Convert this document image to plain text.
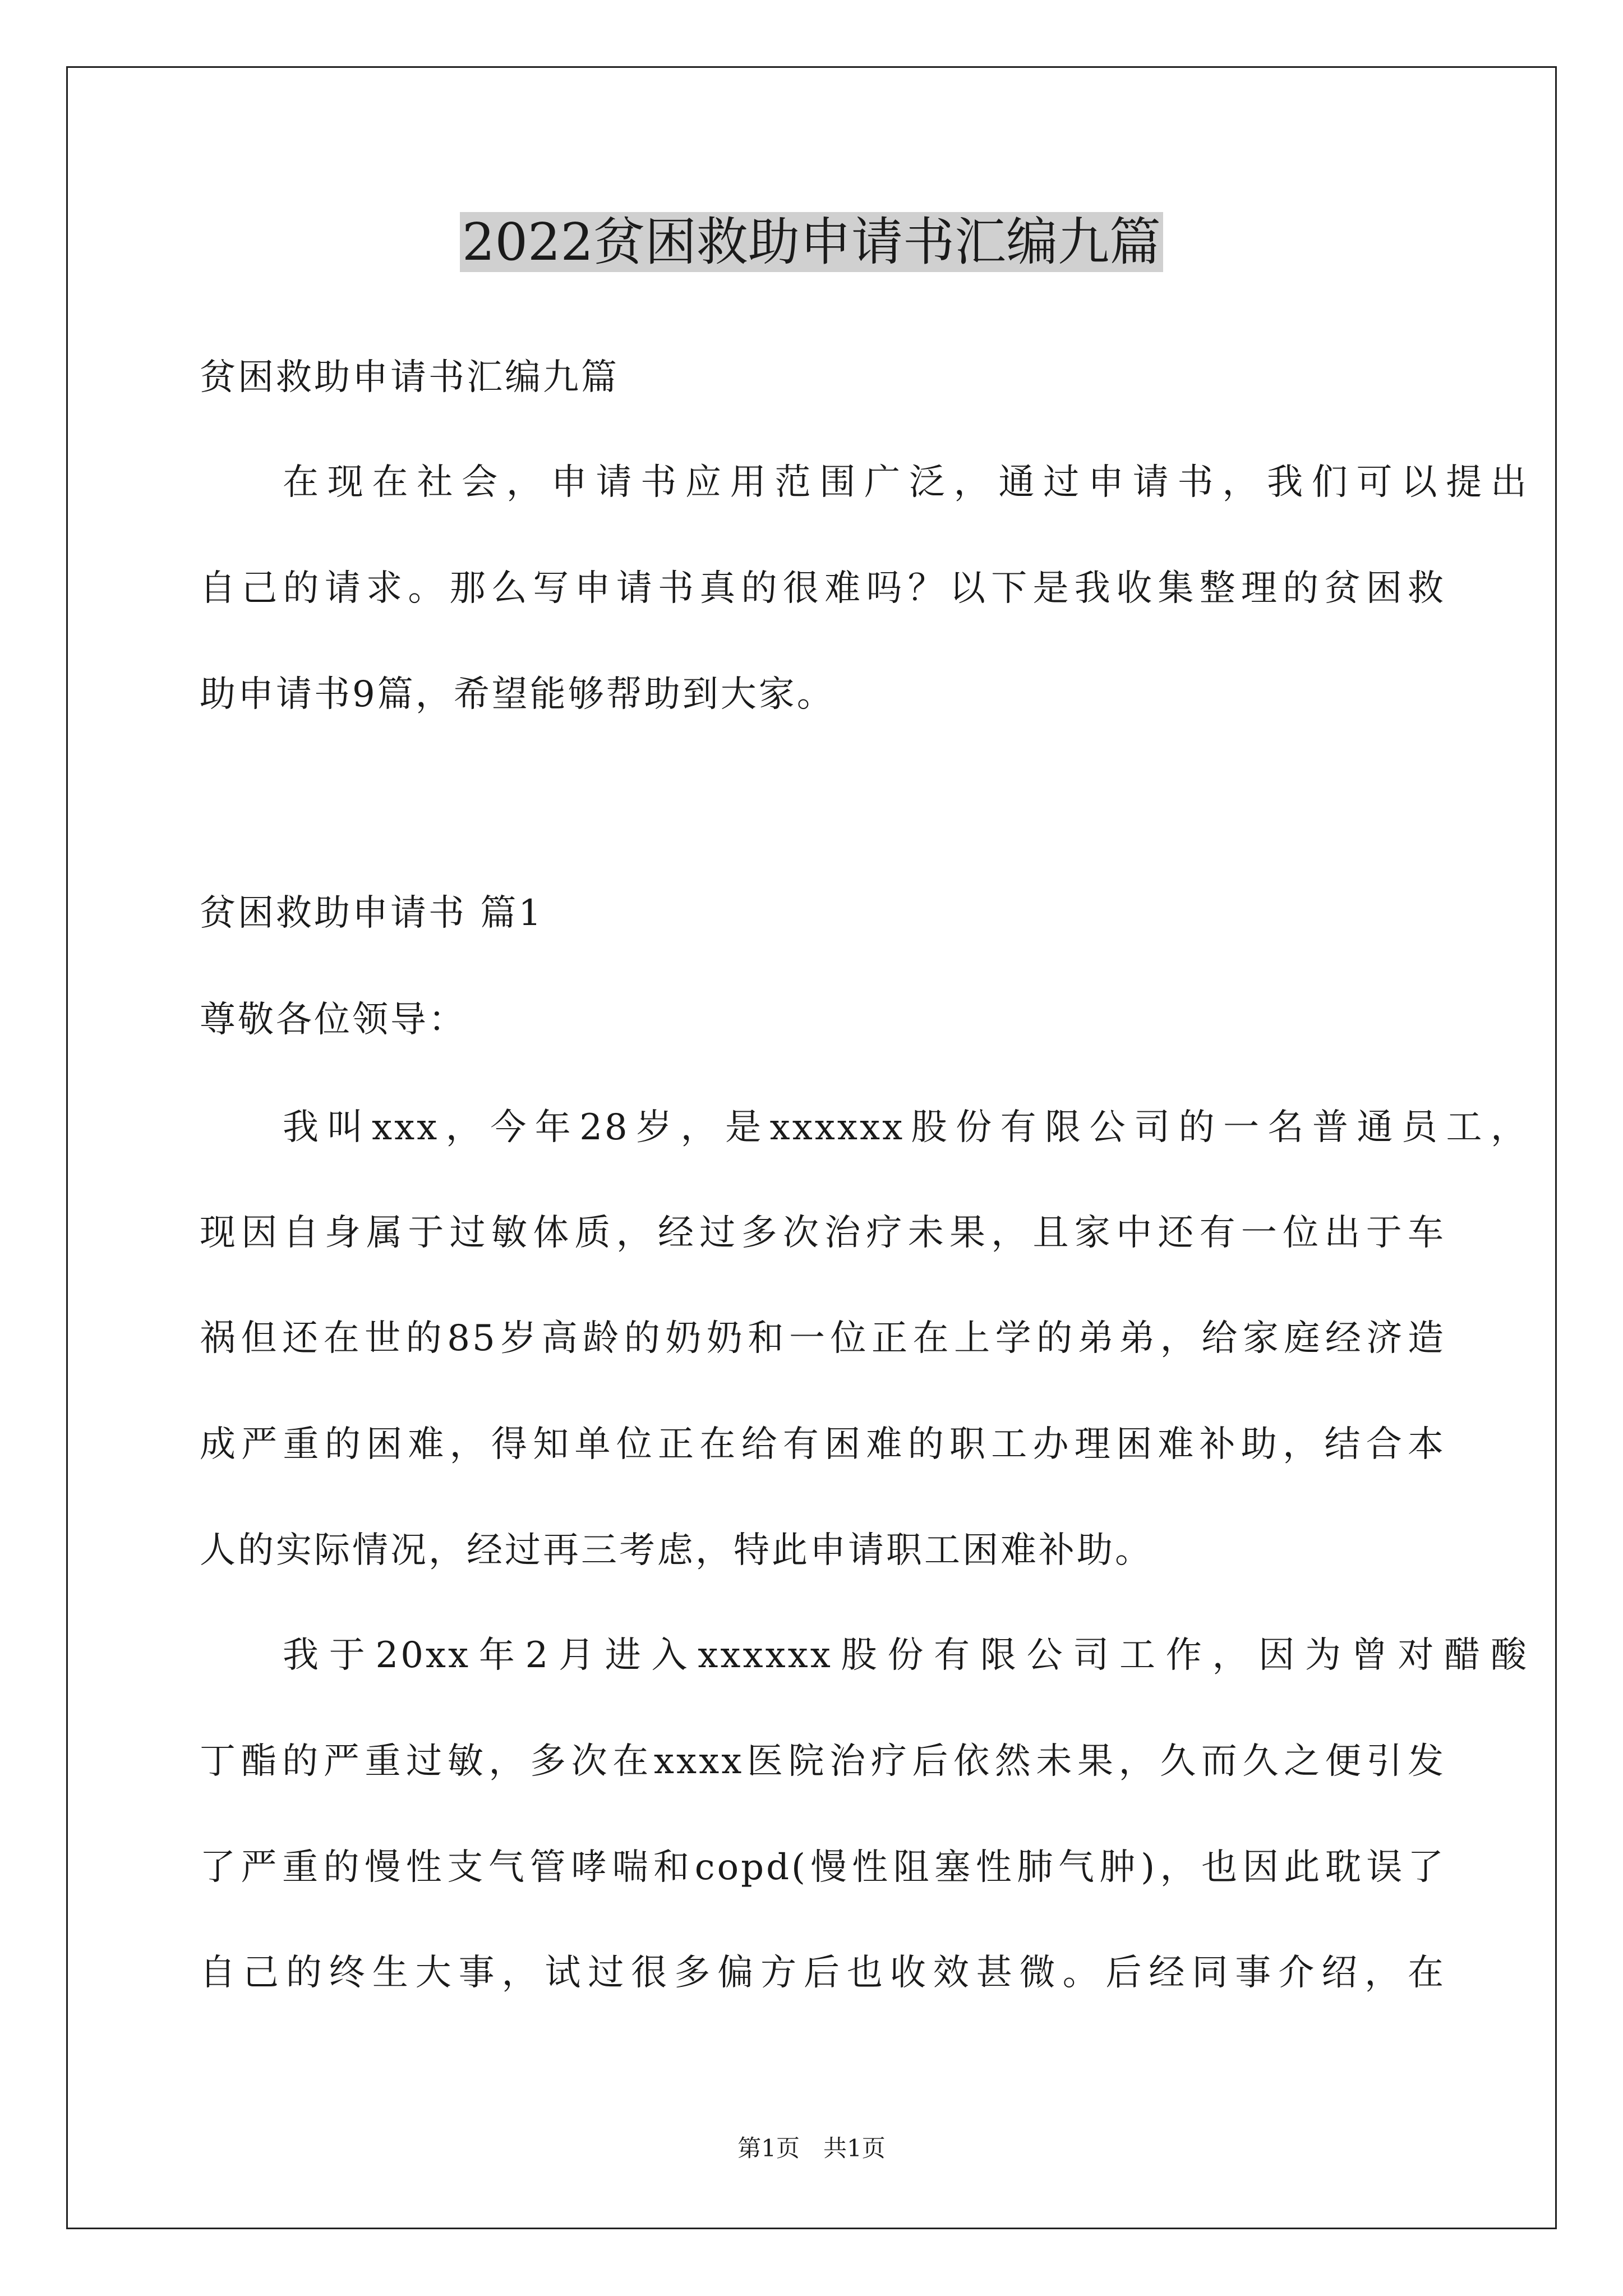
2022贫困救助申请书汇编九篇
贫困救助申请书汇编九篇
在现在社会，申请书应用范围广泛，通过申请书，我们可以提出
自己的请求。那么写申请书真的很难吗？以下是我收集整理的贫困救
助申请书9篇，希望能够帮助到大家。
贫困救助申请书 篇1
尊敬各位领导：
我叫xxx，今年28岁，是xxxxxx股份有限公司的一名普通员工，
现因自身属于过敏体质，经过多次治疗未果，且家中还有一位出于车
祸但还在世的85岁高龄的奶奶和一位正在上学的弟弟，给家庭经济造
成严重的困难，得知单位正在给有困难的职工办理困难补助，结合本
人的实际情况，经过再三考虑，特此申请职工困难补助。
我于20xx年2月进入xxxxxx股份有限公司工作，因为曾对醋酸
丁酯的严重过敏，多次在xxxx医院治疗后依然未果，久而久之便引发
了严重的慢性支气管哮喘和copd(慢性阻塞性肺气肿)，也因此耽误了
自己的终生大事，试过很多偏方后也收效甚微。后经同事介绍，在
第1页　共1页
